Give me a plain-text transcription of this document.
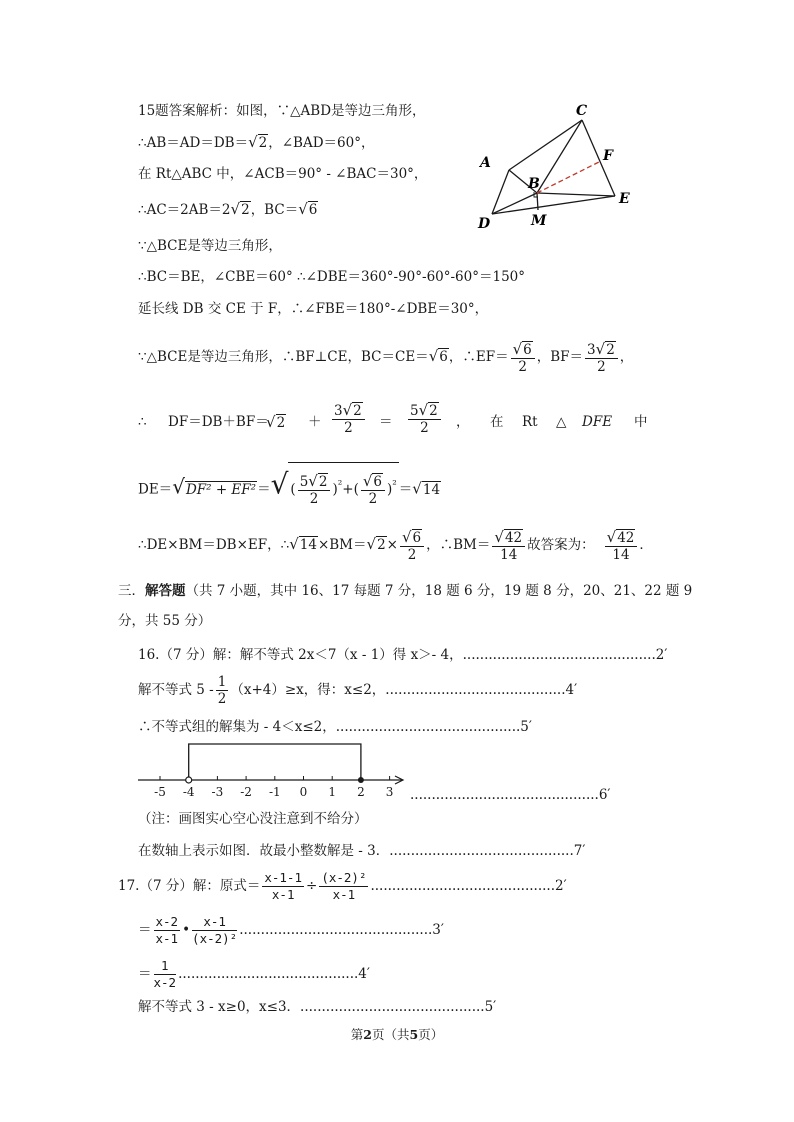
15题答案解析：如图，∵△ABD是等边三角形，
∴AB＝AD＝DB＝√2，∠BAD＝60°，
在 Rt△ABC 中，∠ACB＝90° ‐ ∠BAC＝30°，
∴AC＝2AB＝2√2，BC＝√6
∵△BCE是等边三角形，
∴BC＝BE，∠CBE＝60° ∴∠DBE＝360°‐90°‐60°‐60°＝150°
延长线 DB 交 CE 于 F，∴∠FBE＝180°‐∠DBE＝30°，
∵△BCE是等边三角形，∴BF⊥CE，BC＝CE＝√6，∴EF＝ $\frac{√6}{2}$ ，$BF= \frac{3√2}{2}$ ，
∴ DF＝DB＋BF＝
$√2 + \frac{3√2}{2} = \frac{5√2}{2}$ ， 在 Rt △ DFE 中
DE＝√DF² + EF²＝√ ( $\frac{5√2}{2} )^{^2}+( \frac{√6}{2} )^{^2} =√14$
∴DE×BM＝DB×EF，∴√14×BM＝√2× $\frac{√6}{2}$ ，∴BM＝ $\frac{√42}{14}$ 故答案为： $\frac{√42}{14}$ ．
A
B
C
D
E
F
M
三．解答题（共 7 小题，其中 16、17 每题 7 分，18 题 6 分，19 题 8 分，20、21、22 题 9
分，共 55 分）
16.（7 分）解：解不等式 2x＜7（x ‐ 1）得 x＞‐ 4，.............................................2′
解不等式 5 ‐ $\frac{1}{2} (x+4)\ge x$，得：x≤2，..........................................4′
∴不等式组的解集为 ‐ 4＜x≤2，...........................................5′
-5 -4 -3 -2 -1 0 1 2 3 ............................................6′
（注：画图实心空心没注意到不给分）
在数轴上表示如图．故最小整数解是 ‐ 3．...........................................7′
17.（7 分）解：原式＝ $\frac{x-1-1}{x-1} \div \frac{\text{(x-2)²}}{x-1} ...........................................2'$
＝ $\frac{x-2}{x-1}$ • $\frac{x-1}{\text{(x-2)²}} .............................................3'$
＝ $\frac{1}{x-2} ..........................................4'$
解不等式 3 ‐ x≥0，x≤3．...........................................5′
第2页（共5页）
